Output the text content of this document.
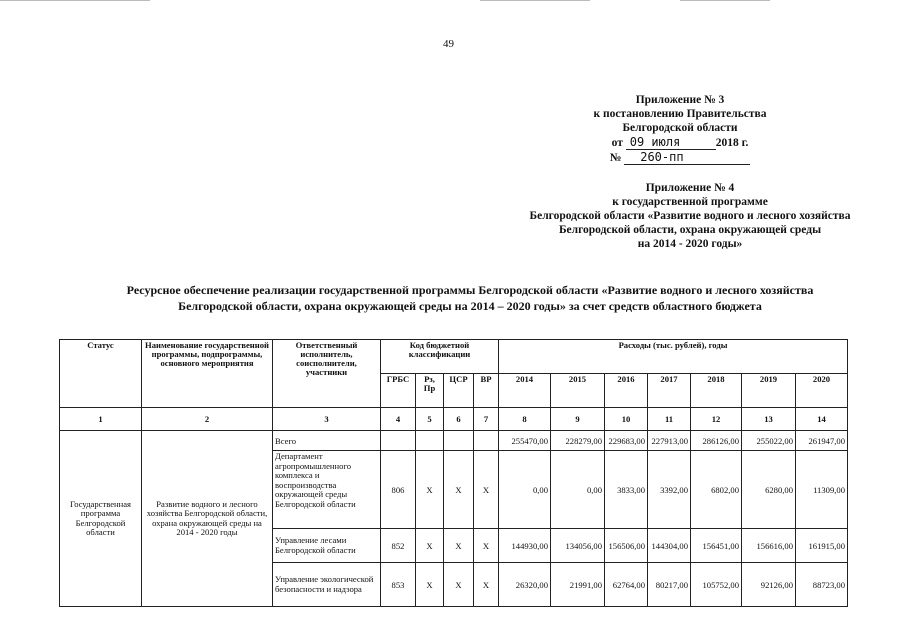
49
Приложение № 3
к постановлению Правительства
Белгородской области
от 09 июля	2018 г.
№ 260-пп
Приложение № 4
к государственной программе
Белгородской области «Развитие водного и лесного хозяйства
Белгородской области, охрана окружающей среды
на 2014 - 2020 годы»
Ресурсное обеспечение реализации государственной программы Белгородской области «Развитие водного и лесного хозяйства
Белгородской области, охрана окружающей среды на 2014 – 2020 годы» за счет средств областного бюджета
Статус	Наименование государственной программы, подпрограммы, основного мероприятия	Ответственный исполнитель, соисполнители, участники	Код бюджетной классификации				Расходы (тыс. рублей), годы						
			ГРБС	Рз, Пр	ЦСР	ВР	2014	2015	2016	2017	2018	2019	2020
1	2	3	4	5	6	7	8	9	10	11	12	13	14
Государственная программа Белгородской области	Развитие водного и лесного хозяйства Белгородской области, охрана окружающей среды на 2014 - 2020 годы	Всего					255470,00	228279,00	229683,00	227913,00	286126,00	255022,00	261947,00
		Департамент агропромышленного комплекса и воспроизводства окружающей среды Белгородской области	806	X	X	X	0,00	0,00	3833,00	3392,00	6802,00	6280,00	11309,00
		Управление лесами Белгородской области	852	X	X	X	144930,00	134056,00	156506,00	144304,00	156451,00	156616,00	161915,00
		Управление экологической безопасности и надзора	853	X	X	X	26320,00	21991,00	62764,00	80217,00	105752,00	92126,00	88723,00
